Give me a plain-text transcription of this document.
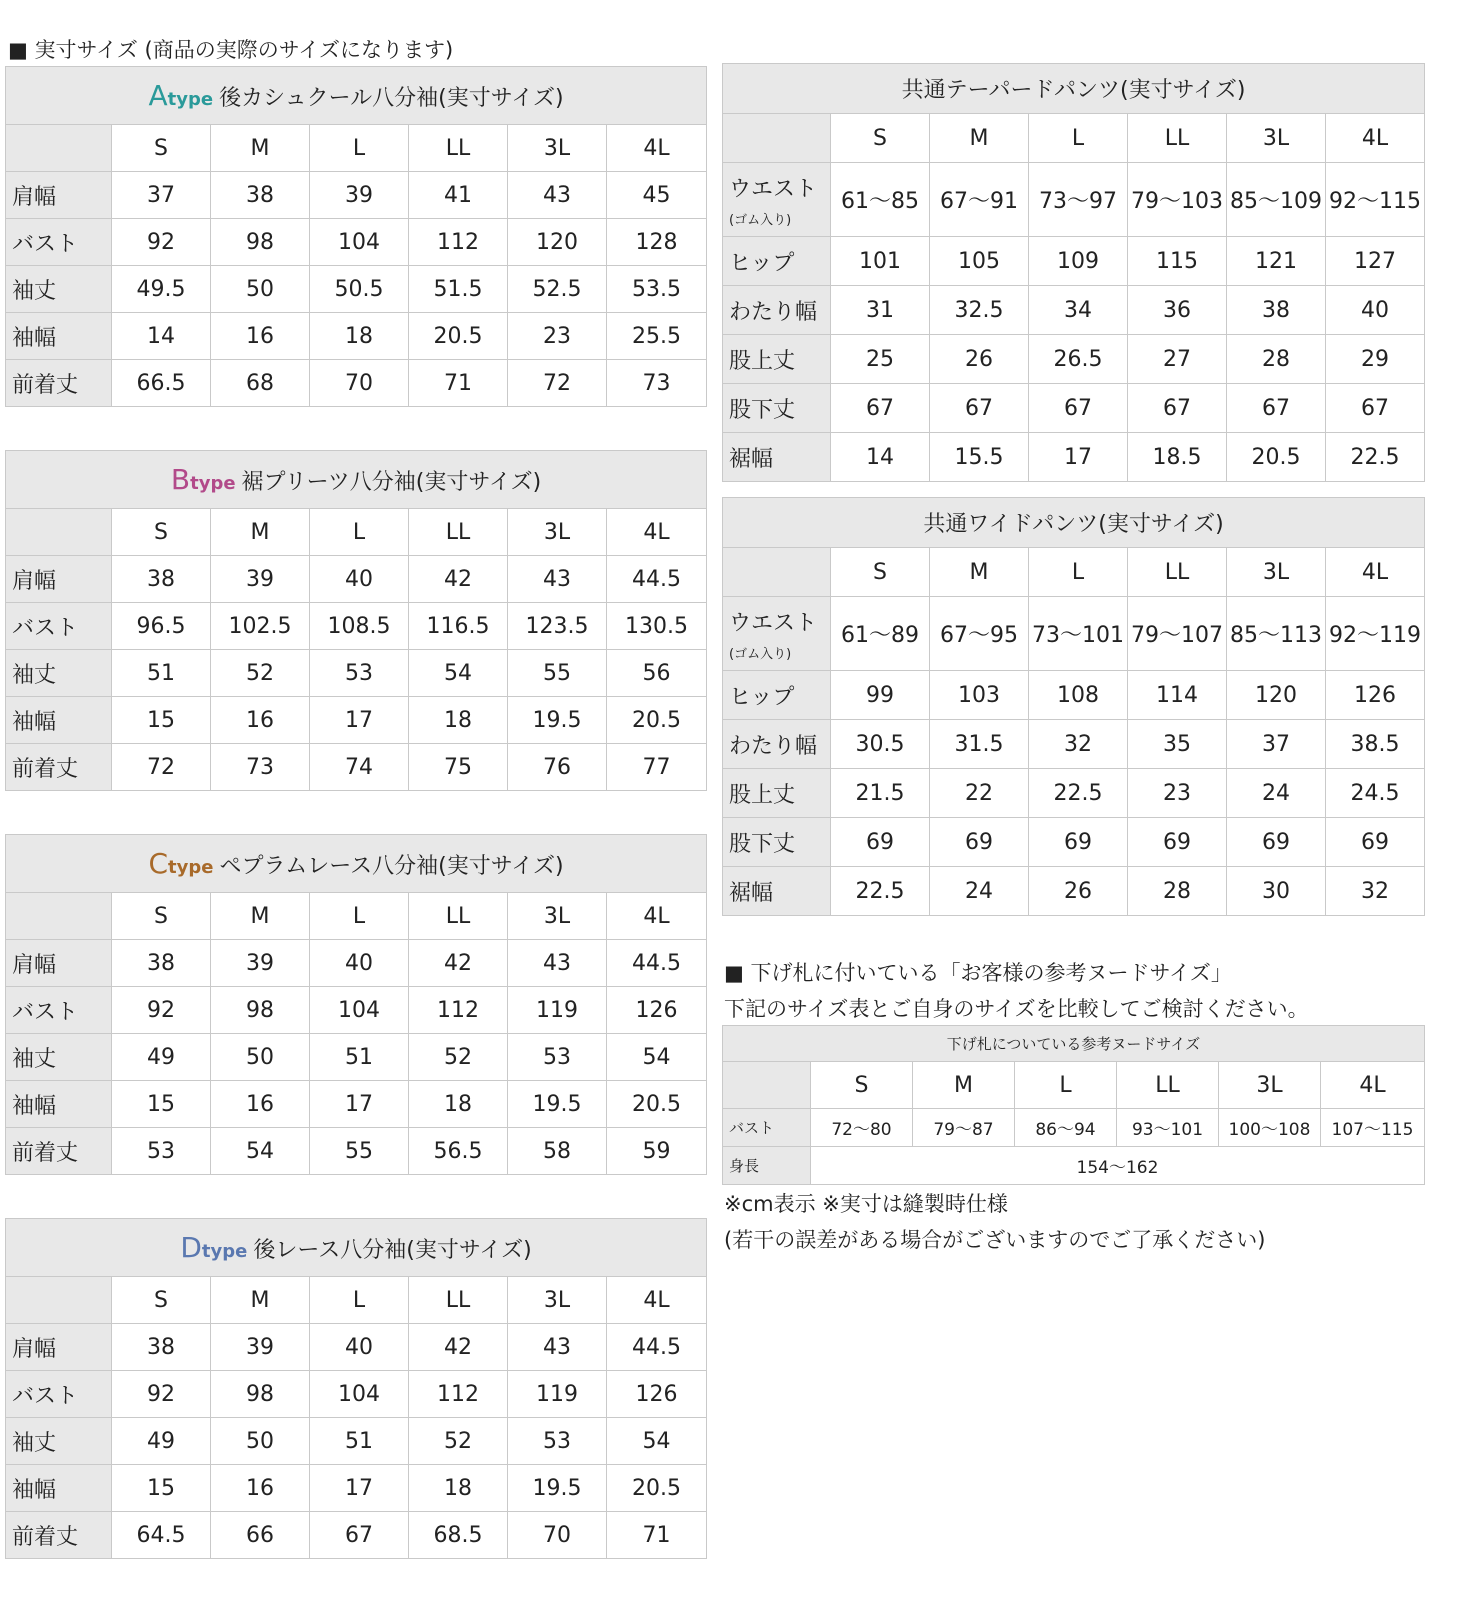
■ 実寸サイズ (商品の実際のサイズになります)
Atype 後カシュクール八分袖(実寸サイズ)						
	S	M	L	LL	3L	4L
肩幅	37	38	39	41	43	45
バスト	92	98	104	112	120	128
袖丈	49.5	50	50.5	51.5	52.5	53.5
袖幅	14	16	18	20.5	23	25.5
前着丈	66.5	68	70	71	72	73
Btype 裾プリーツ八分袖(実寸サイズ)						
	S	M	L	LL	3L	4L
肩幅	38	39	40	42	43	44.5
バスト	96.5	102.5	108.5	116.5	123.5	130.5
袖丈	51	52	53	54	55	56
袖幅	15	16	17	18	19.5	20.5
前着丈	72	73	74	75	76	77
Ctype ペプラムレース八分袖(実寸サイズ)						
	S	M	L	LL	3L	4L
肩幅	38	39	40	42	43	44.5
バスト	92	98	104	112	119	126
袖丈	49	50	51	52	53	54
袖幅	15	16	17	18	19.5	20.5
前着丈	53	54	55	56.5	58	59
Dtype 後レース八分袖(実寸サイズ)						
	S	M	L	LL	3L	4L
肩幅	38	39	40	42	43	44.5
バスト	92	98	104	112	119	126
袖丈	49	50	51	52	53	54
袖幅	15	16	17	18	19.5	20.5
前着丈	64.5	66	67	68.5	70	71
共通テーパードパンツ(実寸サイズ)						
	S	M	L	LL	3L	4L
ウエスト
(ゴム入り)	61～85	67～91	73～97	79～103	85～109	92～115
ヒップ	101	105	109	115	121	127
わたり幅	31	32.5	34	36	38	40
股上丈	25	26	26.5	27	28	29
股下丈	67	67	67	67	67	67
裾幅	14	15.5	17	18.5	20.5	22.5
共通ワイドパンツ(実寸サイズ)						
	S	M	L	LL	3L	4L
ウエスト
(ゴム入り)	61～89	67～95	73～101	79～107	85～113	92～119
ヒップ	99	103	108	114	120	126
わたり幅	30.5	31.5	32	35	37	38.5
股上丈	21.5	22	22.5	23	24	24.5
股下丈	69	69	69	69	69	69
裾幅	22.5	24	26	28	30	32
■ 下げ札に付いている「お客様の参考ヌードサイズ」
下記のサイズ表とご自身のサイズを比較してご検討ください。
下げ札についている参考ヌードサイズ						
	S	M	L	LL	3L	4L
バスト	72～80	79～87	86～94	93～101	100～108	107～115
身長	154～162					
※cm表示 ※実寸は縫製時仕様
(若干の誤差がある場合がございますのでご了承ください)
